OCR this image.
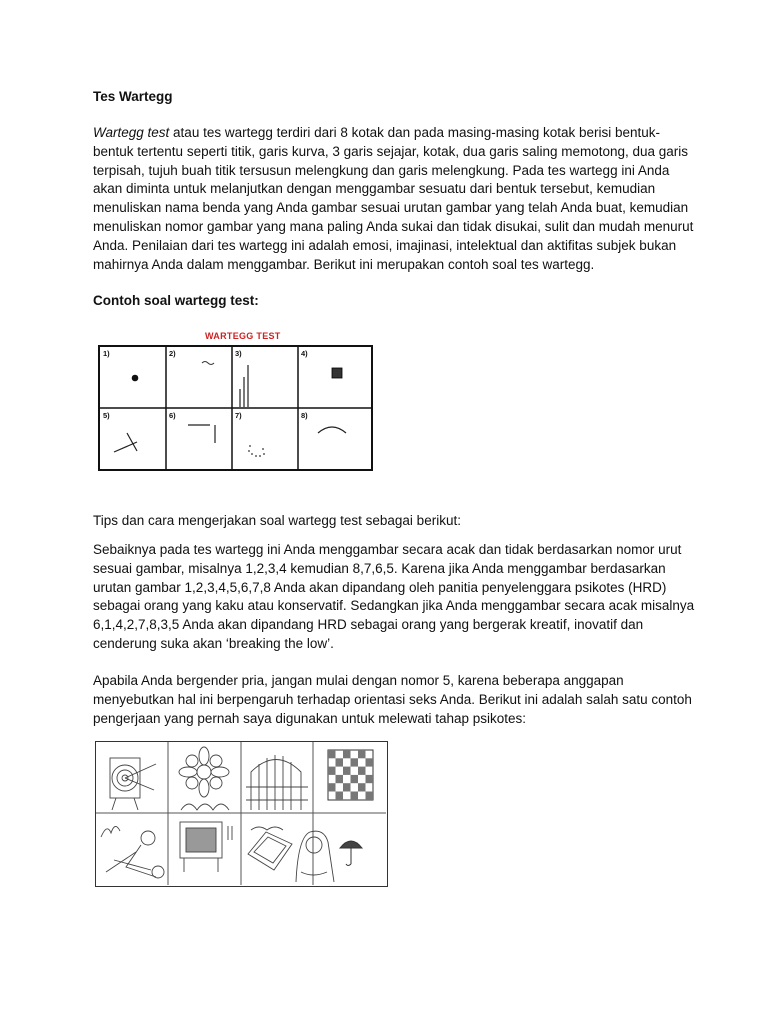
Tes Wartegg

Wartegg test atau tes wartegg terdiri dari 8 kotak dan pada masing-masing kotak berisi bentuk-
bentuk tertentu seperti titik, garis kurva, 3 garis sejajar, kotak, dua garis saling memotong, dua garis
terpisah, tujuh buah titik tersusun melengkung dan garis melengkung. Pada tes wartegg ini Anda
akan diminta untuk melanjutkan dengan menggambar sesuatu dari bentuk tersebut, kemudian
menuliskan nama benda yang Anda gambar sesuai urutan gambar yang telah Anda buat, kemudian
menuliskan nomor gambar yang mana paling Anda sukai dan tidak disukai, sulit dan mudah menurut
Anda. Penilaian dari tes wartegg ini adalah emosi, imajinasi, intelektual dan aktifitas subjek bukan
mahirnya Anda dalam menggambar. Berikut ini merupakan contoh soal tes wartegg.

Contoh soal wartegg test:

WARTEGG TEST
1)	2)	3)	4)
5)	6)	7)	8)

Tips dan cara mengerjakan soal wartegg test sebagai berikut:

Sebaiknya pada tes wartegg ini Anda menggambar secara acak dan tidak berdasarkan nomor urut
sesuai gambar, misalnya 1,2,3,4 kemudian 8,7,6,5. Karena jika Anda menggambar berdasarkan
urutan gambar 1,2,3,4,5,6,7,8 Anda akan dipandang oleh panitia penyelenggara psikotes (HRD)
sebagai orang yang kaku atau konservatif. Sedangkan jika Anda menggambar secara acak misalnya
6,1,4,2,7,8,3,5 Anda akan dipandang HRD sebagai orang yang bergerak kreatif, inovatif dan
cenderung suka akan ‘breaking the low’.

Apabila Anda bergender pria, jangan mulai dengan nomor 5, karena beberapa anggapan
menyebutkan hal ini berpengaruh terhadap orientasi seks Anda. Berikut ini adalah salah satu contoh
pengerjaan yang pernah saya digunakan untuk melewati tahap psikotes:
